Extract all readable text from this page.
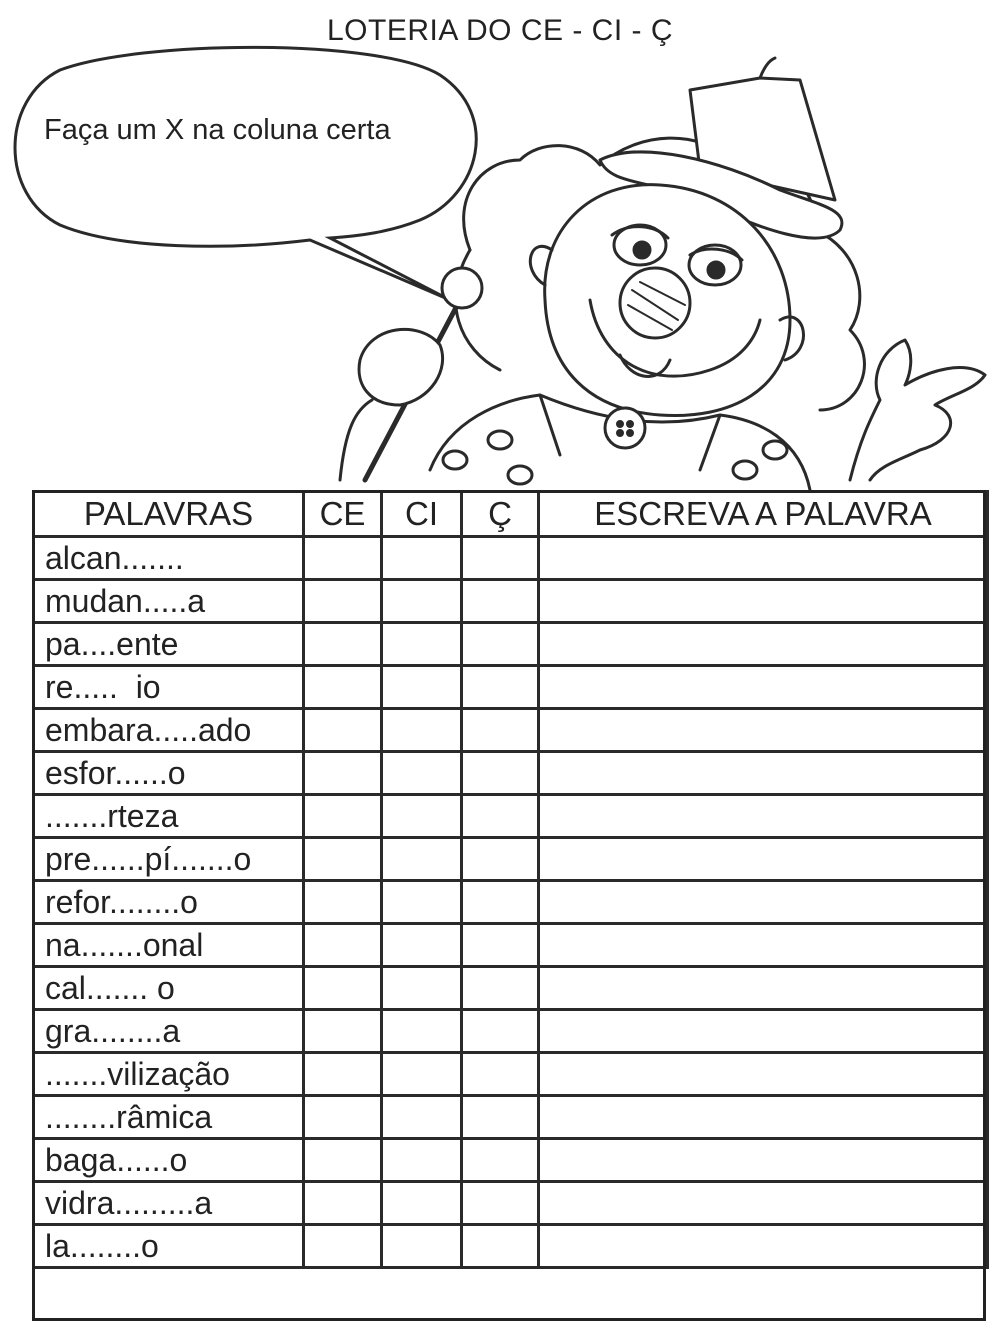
LOTERIA DO CE - CI - Ç
Faça um X na coluna certa
PALAVRAS	CE	CI	Ç	ESCREVA A PALAVRA
alcan.......				
mudan.....a				
pa....ente				
re.....  io				
embara.....ado				
esfor......o				
.......rteza				
pre......pí.......o				
refor........o				
na.......onal				
cal....... o				
gra........a				
.......vilização				
........râmica				
baga......o				
vidra.........a				
la........o				
